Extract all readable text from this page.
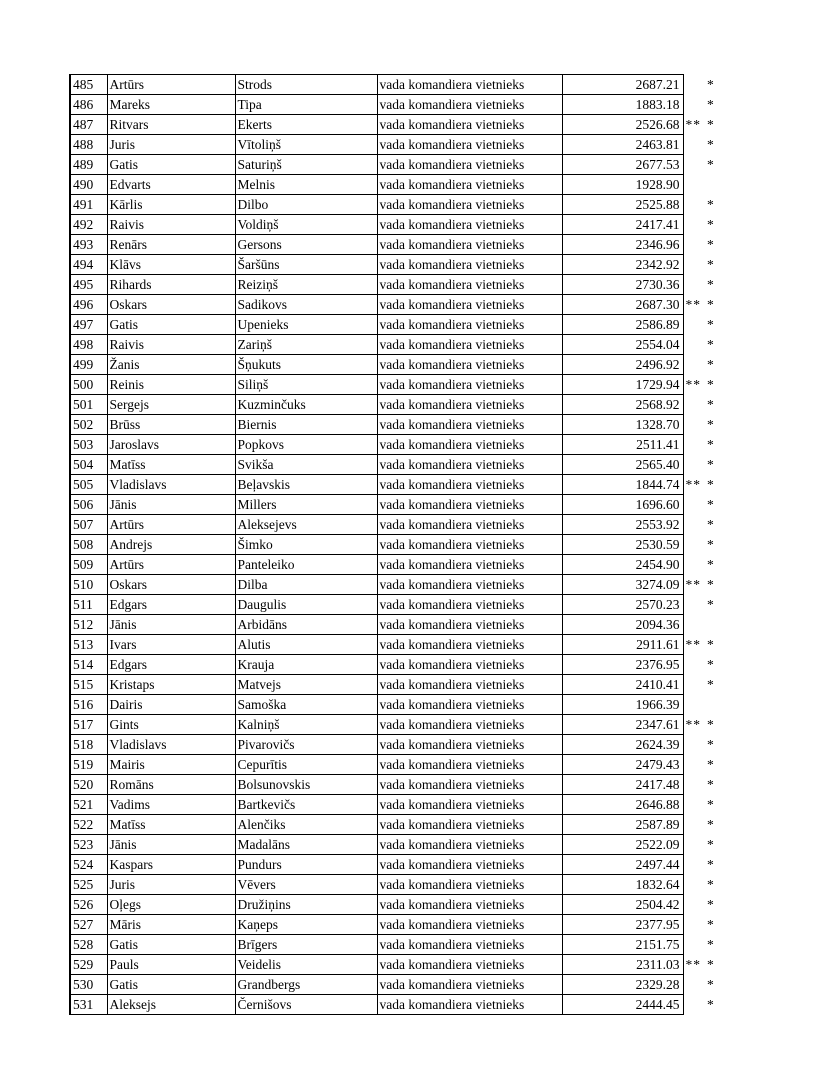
485	Artūrs	Strods	vada komandiera vietnieks	2687.21		*
486	Mareks	Tipa	vada komandiera vietnieks	1883.18		*
487	Ritvars	Ekerts	vada komandiera vietnieks	2526.68	**	*
488	Juris	Vītoliņš	vada komandiera vietnieks	2463.81		*
489	Gatis	Saturiņš	vada komandiera vietnieks	2677.53		*
490	Edvarts	Melnis	vada komandiera vietnieks	1928.90		
491	Kārlis	Dilbo	vada komandiera vietnieks	2525.88		*
492	Raivis	Voldiņš	vada komandiera vietnieks	2417.41		*
493	Renārs	Gersons	vada komandiera vietnieks	2346.96		*
494	Klāvs	Šaršūns	vada komandiera vietnieks	2342.92		*
495	Rihards	Reiziņš	vada komandiera vietnieks	2730.36		*
496	Oskars	Sadikovs	vada komandiera vietnieks	2687.30	**	*
497	Gatis	Upenieks	vada komandiera vietnieks	2586.89		*
498	Raivis	Zariņš	vada komandiera vietnieks	2554.04		*
499	Žanis	Šņukuts	vada komandiera vietnieks	2496.92		*
500	Reinis	Siliņš	vada komandiera vietnieks	1729.94	**	*
501	Sergejs	Kuzminčuks	vada komandiera vietnieks	2568.92		*
502	Brūss	Biernis	vada komandiera vietnieks	1328.70		*
503	Jaroslavs	Popkovs	vada komandiera vietnieks	2511.41		*
504	Matīss	Svikša	vada komandiera vietnieks	2565.40		*
505	Vladislavs	Beļavskis	vada komandiera vietnieks	1844.74	**	*
506	Jānis	Millers	vada komandiera vietnieks	1696.60		*
507	Artūrs	Aleksejevs	vada komandiera vietnieks	2553.92		*
508	Andrejs	Šimko	vada komandiera vietnieks	2530.59		*
509	Artūrs	Panteleiko	vada komandiera vietnieks	2454.90		*
510	Oskars	Dilba	vada komandiera vietnieks	3274.09	**	*
511	Edgars	Daugulis	vada komandiera vietnieks	2570.23		*
512	Jānis	Arbidāns	vada komandiera vietnieks	2094.36		
513	Ivars	Alutis	vada komandiera vietnieks	2911.61	**	*
514	Edgars	Krauja	vada komandiera vietnieks	2376.95		*
515	Kristaps	Matvejs	vada komandiera vietnieks	2410.41		*
516	Dairis	Samoška	vada komandiera vietnieks	1966.39		
517	Gints	Kalniņš	vada komandiera vietnieks	2347.61	**	*
518	Vladislavs	Pivarovičs	vada komandiera vietnieks	2624.39		*
519	Mairis	Cepurītis	vada komandiera vietnieks	2479.43		*
520	Romāns	Bolsunovskis	vada komandiera vietnieks	2417.48		*
521	Vadims	Bartkevičs	vada komandiera vietnieks	2646.88		*
522	Matīss	Alenčiks	vada komandiera vietnieks	2587.89		*
523	Jānis	Madalāns	vada komandiera vietnieks	2522.09		*
524	Kaspars	Pundurs	vada komandiera vietnieks	2497.44		*
525	Juris	Vēvers	vada komandiera vietnieks	1832.64		*
526	Oļegs	Družiņins	vada komandiera vietnieks	2504.42		*
527	Māris	Kaņeps	vada komandiera vietnieks	2377.95		*
528	Gatis	Brīgers	vada komandiera vietnieks	2151.75		*
529	Pauls	Veidelis	vada komandiera vietnieks	2311.03	**	*
530	Gatis	Grandbergs	vada komandiera vietnieks	2329.28		*
531	Aleksejs	Černišovs	vada komandiera vietnieks	2444.45		*
